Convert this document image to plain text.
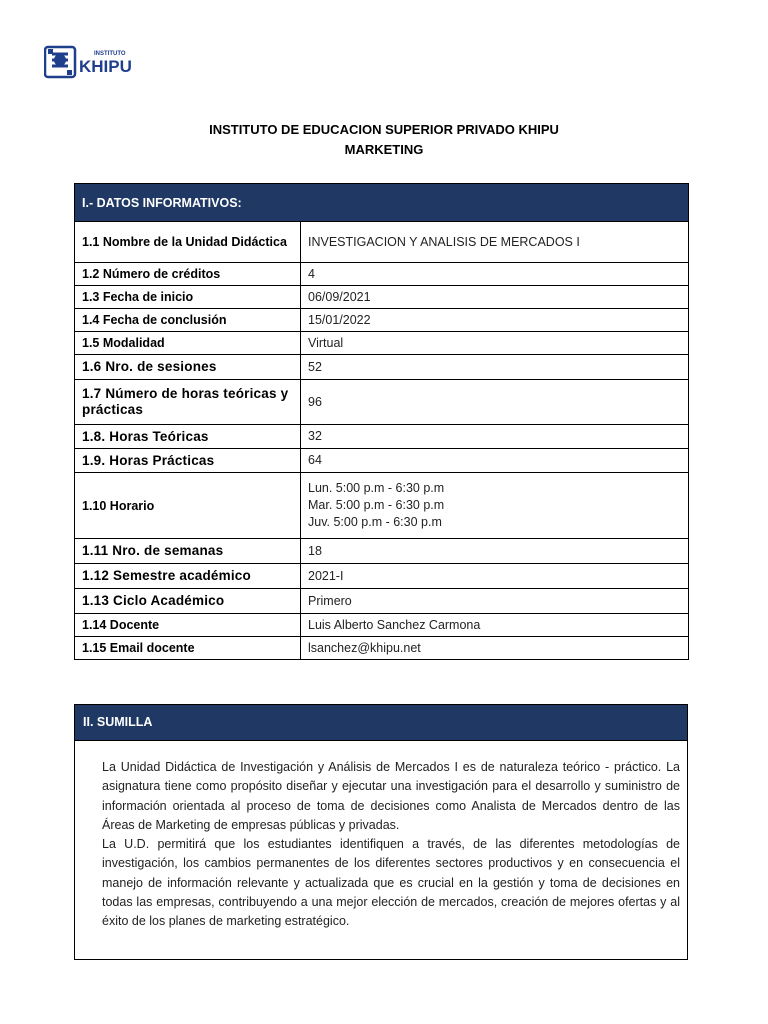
INSTITUTO
KHIPU
INSTITUTO DE EDUCACION SUPERIOR PRIVADO KHIPU
MARKETING
I.- DATOS INFORMATIVOS:	
1.1 Nombre de la Unidad Didáctica	INVESTIGACION Y ANALISIS DE MERCADOS I

1.2 Número de créditos	4

1.3 Fecha de inicio	06/09/2021

1.4 Fecha de conclusión	15/01/2022

1.5 Modalidad	Virtual

1.6 Nro. de sesiones	52

1.7 Número de horas teóricas y prácticas	96

1.8. Horas Teóricas	32

1.9. Horas Prácticas	64

1.10 Horario	Lun. 5:00 p.m - 6:30 p.m
Mar. 5:00 p.m - 6:30 p.m
Juv. 5:00 p.m - 6:30 p.m

1.11 Nro. de semanas	18

1.12 Semestre académico	2021-I

1.13 Ciclo Académico	Primero

1.14 Docente	Luis Alberto Sanchez Carmona

1.15 Email docente	lsanchez@khipu.net
II. SUMILLA

La Unidad Didáctica de Investigación y Análisis de Mercados I es de naturaleza teórico - práctico. La asignatura tiene como propósito diseñar y ejecutar una investigación para el desarrollo y suministro de información orientada al proceso de toma de decisiones como Analista de Mercados dentro de las Áreas de Marketing de empresas públicas y privadas.

La U.D. permitirá que los estudiantes identifiquen a través, de las diferentes metodologías de investigación, los cambios permanentes de los diferentes sectores productivos y en consecuencia el manejo de información relevante y actualizada que es crucial en la gestión y toma de decisiones en todas las empresas, contribuyendo a una mejor elección de mercados, creación de mejores ofertas y al éxito de los planes de marketing estratégico.
